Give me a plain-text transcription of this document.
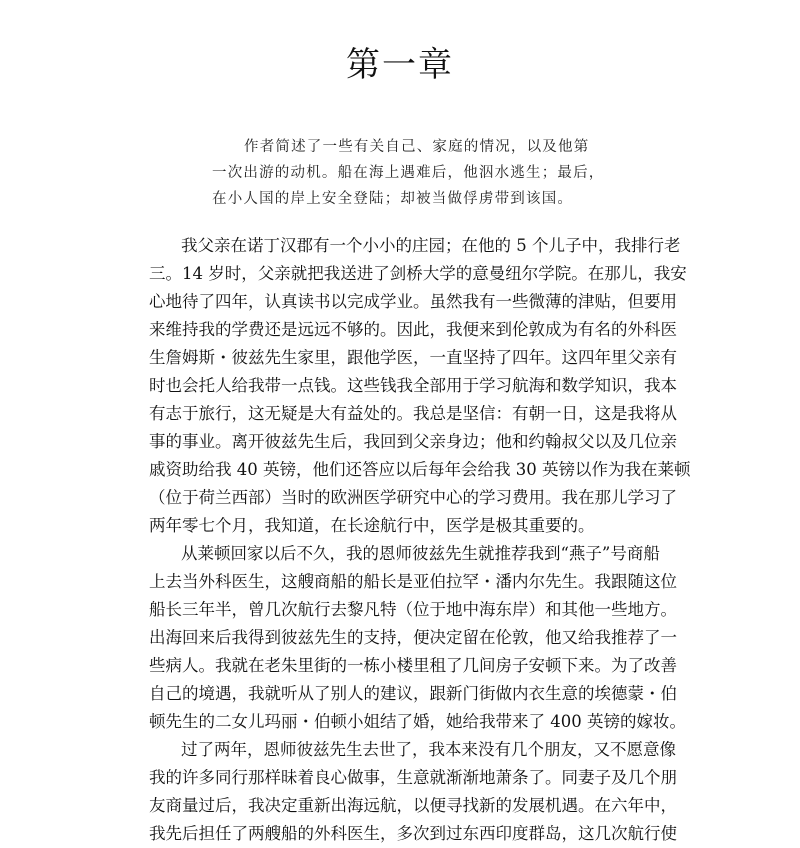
第一章
作者简述了一些有关自己、家庭的情况，以及他第
一次出游的动机。船在海上遇难后，他泅水逃生；最后，
在小人国的岸上安全登陆；却被当做俘虏带到该国。
我父亲在诺丁汉郡有一个小小的庄园；在他的 5 个儿子中，我排行老
三。14 岁时，父亲就把我送进了剑桥大学的意曼纽尔学院。在那儿，我安
心地待了四年，认真读书以完成学业。虽然我有一些微薄的津贴，但要用
来维持我的学费还是远远不够的。因此，我便来到伦敦成为有名的外科医
生詹姆斯・彼兹先生家里，跟他学医，一直坚持了四年。这四年里父亲有
时也会托人给我带一点钱。这些钱我全部用于学习航海和数学知识，我本
有志于旅行，这无疑是大有益处的。我总是坚信：有朝一日，这是我将从
事的事业。离开彼兹先生后，我回到父亲身边；他和约翰叔父以及几位亲
戚资助给我 40 英镑，他们还答应以后每年会给我 30 英镑以作为我在莱顿
（位于荷兰西部）当时的欧洲医学研究中心的学习费用。我在那儿学习了
两年零七个月，我知道，在长途航行中，医学是极其重要的。
从莱顿回家以后不久，我的恩师彼兹先生就推荐我到“燕子”号商船
上去当外科医生，这艘商船的船长是亚伯拉罕・潘内尔先生。我跟随这位
船长三年半，曾几次航行去黎凡特（位于地中海东岸）和其他一些地方。
出海回来后我得到彼兹先生的支持，便决定留在伦敦，他又给我推荐了一
些病人。我就在老朱里街的一栋小楼里租了几间房子安顿下来。为了改善
自己的境遇，我就听从了别人的建议，跟新门街做内衣生意的埃德蒙・伯
顿先生的二女儿玛丽・伯顿小姐结了婚，她给我带来了 400 英镑的嫁妆。
过了两年，恩师彼兹先生去世了，我本来没有几个朋友，又不愿意像
我的许多同行那样昧着良心做事，生意就渐渐地萧条了。同妻子及几个朋
友商量过后，我决定重新出海远航，以便寻找新的发展机遇。在六年中，
我先后担任了两艘船的外科医生，多次到过东西印度群岛，这几次航行使
